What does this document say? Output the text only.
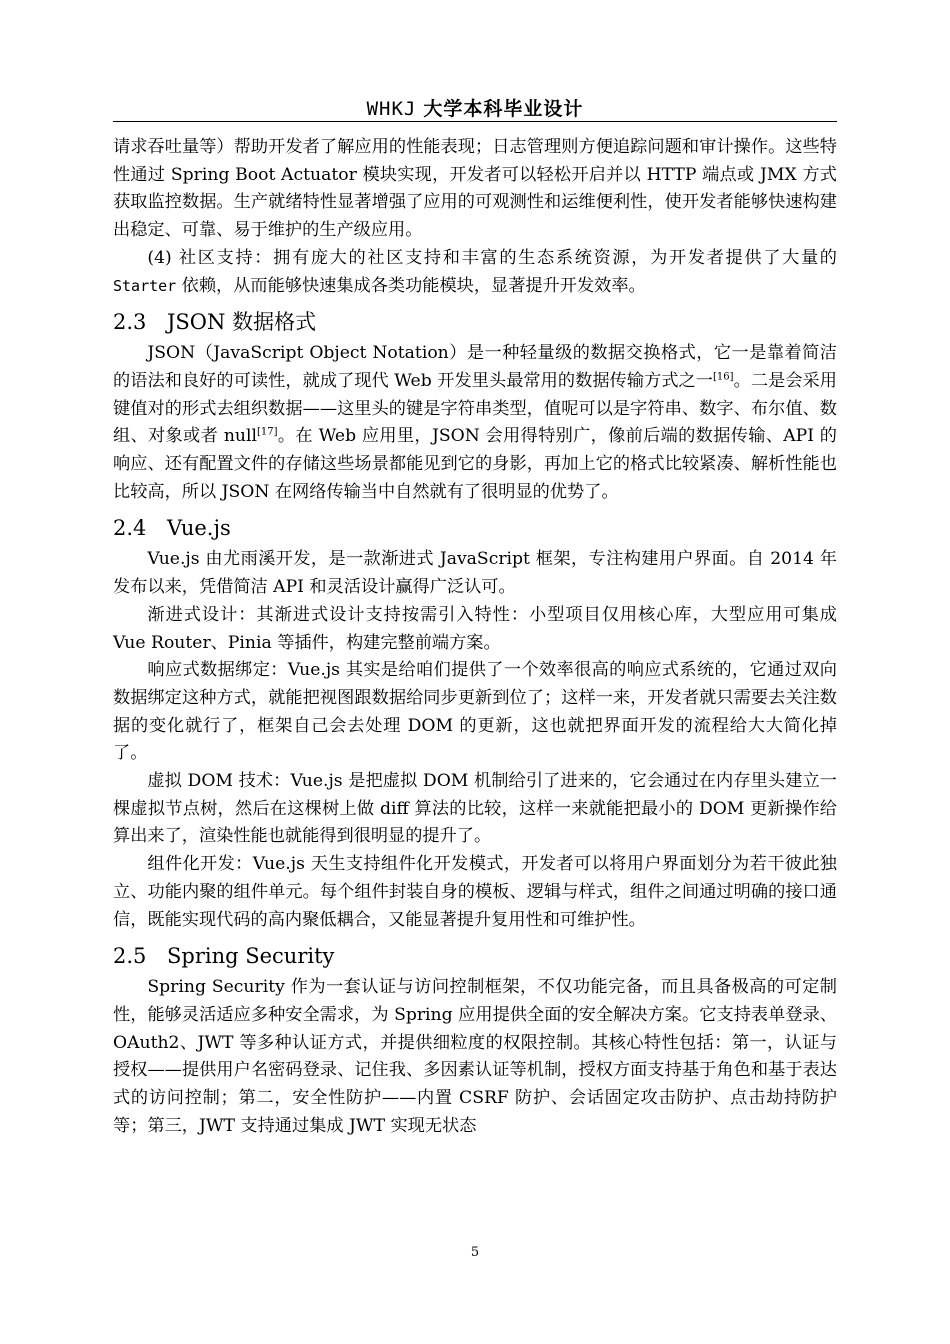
WHKJ 大学本科毕业设计

请求吞吐量等）帮助开发者了解应用的性能表现；日志管理则方便追踪问题和审计操作。这些特性通过 Spring Boot Actuator 模块实现，开发者可以轻松开启并以 HTTP 端点或 JMX 方式获取监控数据。生产就绪特性显著增强了应用的可观测性和运维便利性，使开发者能够快速构建出稳定、可靠、易于维护的生产级应用。

(4) 社区支持：拥有庞大的社区支持和丰富的生态系统资源，为开发者提供了大量的 Starter 依赖，从而能够快速集成各类功能模块，显著提升开发效率。

2.3 JSON 数据格式

JSON（JavaScript Object Notation）是一种轻量级的数据交换格式，它一是靠着简洁的语法和良好的可读性，就成了现代 Web 开发里头最常用的数据传输方式之一[16]。二是会采用键值对的形式去组织数据——这里头的键是字符串类型，值呢可以是字符串、数字、布尔值、数组、对象或者 null[17]。在 Web 应用里，JSON 会用得特别广，像前后端的数据传输、API 的响应、还有配置文件的存储这些场景都能见到它的身影，再加上它的格式比较紧凑、解析性能也比较高，所以 JSON 在网络传输当中自然就有了很明显的优势了。

2.4 Vue.js

Vue.js 由尤雨溪开发，是一款渐进式 JavaScript 框架，专注构建用户界面。自 2014 年发布以来，凭借简洁 API 和灵活设计赢得广泛认可。

渐进式设计：其渐进式设计支持按需引入特性：小型项目仅用核心库，大型应用可集成 Vue Router、Pinia 等插件，构建完整前端方案。

响应式数据绑定：Vue.js 其实是给咱们提供了一个效率很高的响应式系统的，它通过双向数据绑定这种方式，就能把视图跟数据给同步更新到位了；这样一来，开发者就只需要去关注数据的变化就行了，框架自己会去处理 DOM 的更新，这也就把界面开发的流程给大大简化掉了。

虚拟 DOM 技术：Vue.js 是把虚拟 DOM 机制给引了进来的，它会通过在内存里头建立一棵虚拟节点树，然后在这棵树上做 diff 算法的比较，这样一来就能把最小的 DOM 更新操作给算出来了，渲染性能也就能得到很明显的提升了。

组件化开发：Vue.js 天生支持组件化开发模式，开发者可以将用户界面划分为若干彼此独立、功能内聚的组件单元。每个组件封装自身的模板、逻辑与样式，组件之间通过明确的接口通信，既能实现代码的高内聚低耦合，又能显著提升复用性和可维护性。

2.5 Spring Security

Spring Security 作为一套认证与访问控制框架，不仅功能完备，而且具备极高的可定制性，能够灵活适应多种安全需求，为 Spring 应用提供全面的安全解决方案。它支持表单登录、OAuth2、JWT 等多种认证方式，并提供细粒度的权限控制。其核心特性包括：第一，认证与授权——提供用户名密码登录、记住我、多因素认证等机制，授权方面支持基于角色和基于表达式的访问控制；第二，安全性防护——内置 CSRF 防护、会话固定攻击防护、点击劫持防护等；第三，JWT 支持通过集成 JWT 实现无状态

5
